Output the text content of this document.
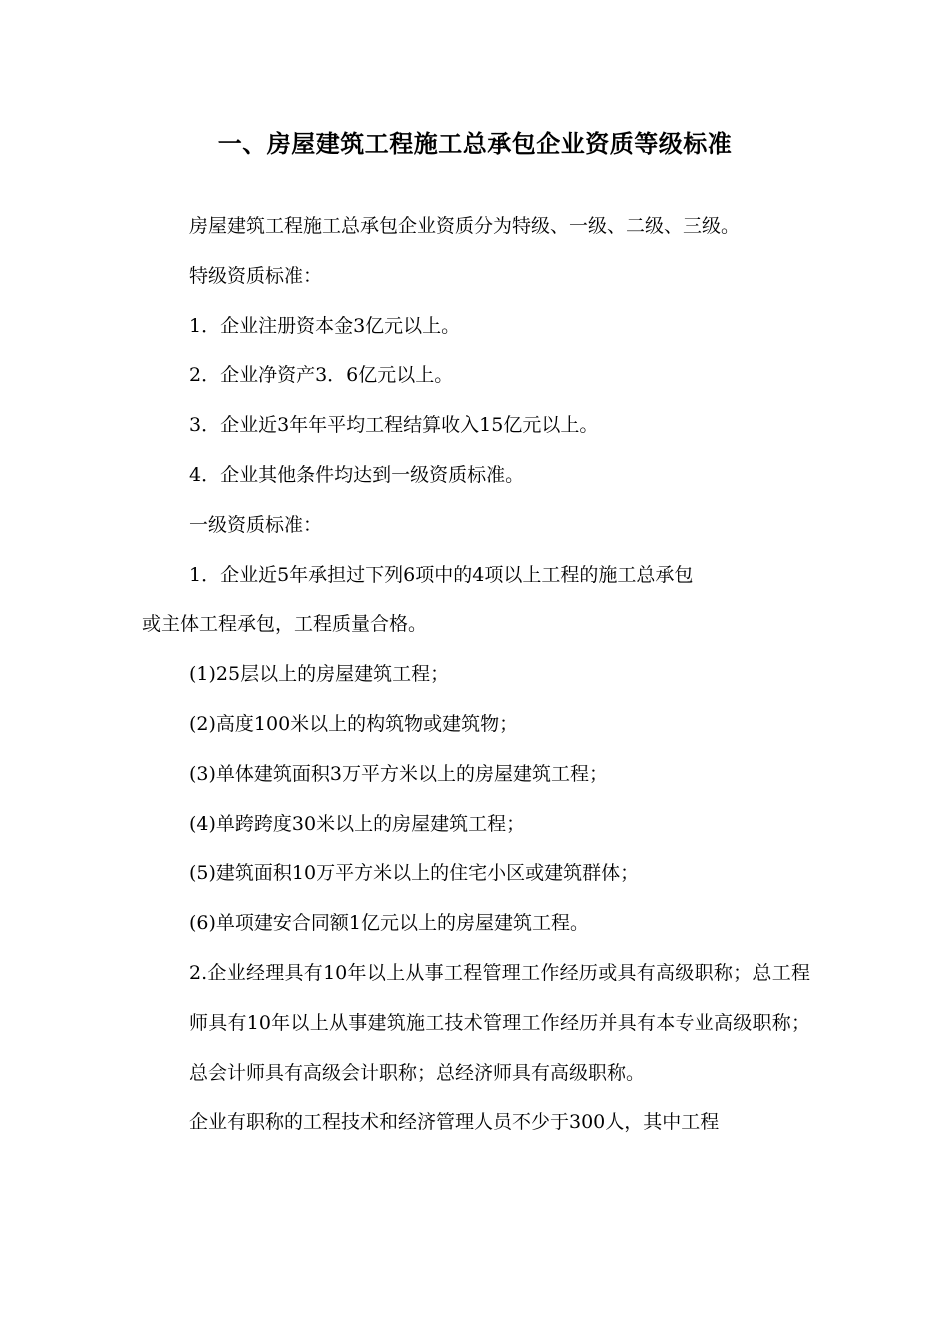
一、房屋建筑工程施工总承包企业资质等级标准

房屋建筑工程施工总承包企业资质分为特级、一级、二级、三级。

特级资质标准：

1．企业注册资本金3亿元以上。

2．企业净资产3．6亿元以上。

3．企业近3年年平均工程结算收入15亿元以上。

4．企业其他条件均达到一级资质标准。

一级资质标准：

1．企业近5年承担过下列6项中的4项以上工程的施工总承包

或主体工程承包，工程质量合格。

(1)25层以上的房屋建筑工程；

(2)高度100米以上的构筑物或建筑物；

(3)单体建筑面积3万平方米以上的房屋建筑工程；

(4)单跨跨度30米以上的房屋建筑工程；

(5)建筑面积10万平方米以上的住宅小区或建筑群体；

(6)单项建安合同额1亿元以上的房屋建筑工程。

2.企业经理具有10年以上从事工程管理工作经历或具有高级职称；总工程师具有10年以上从事建筑施工技术管理工作经历并具有本专业高级职称；总会计师具有高级会计职称；总经济师具有高级职称。

企业有职称的工程技术和经济管理人员不少于300人，其中工程
